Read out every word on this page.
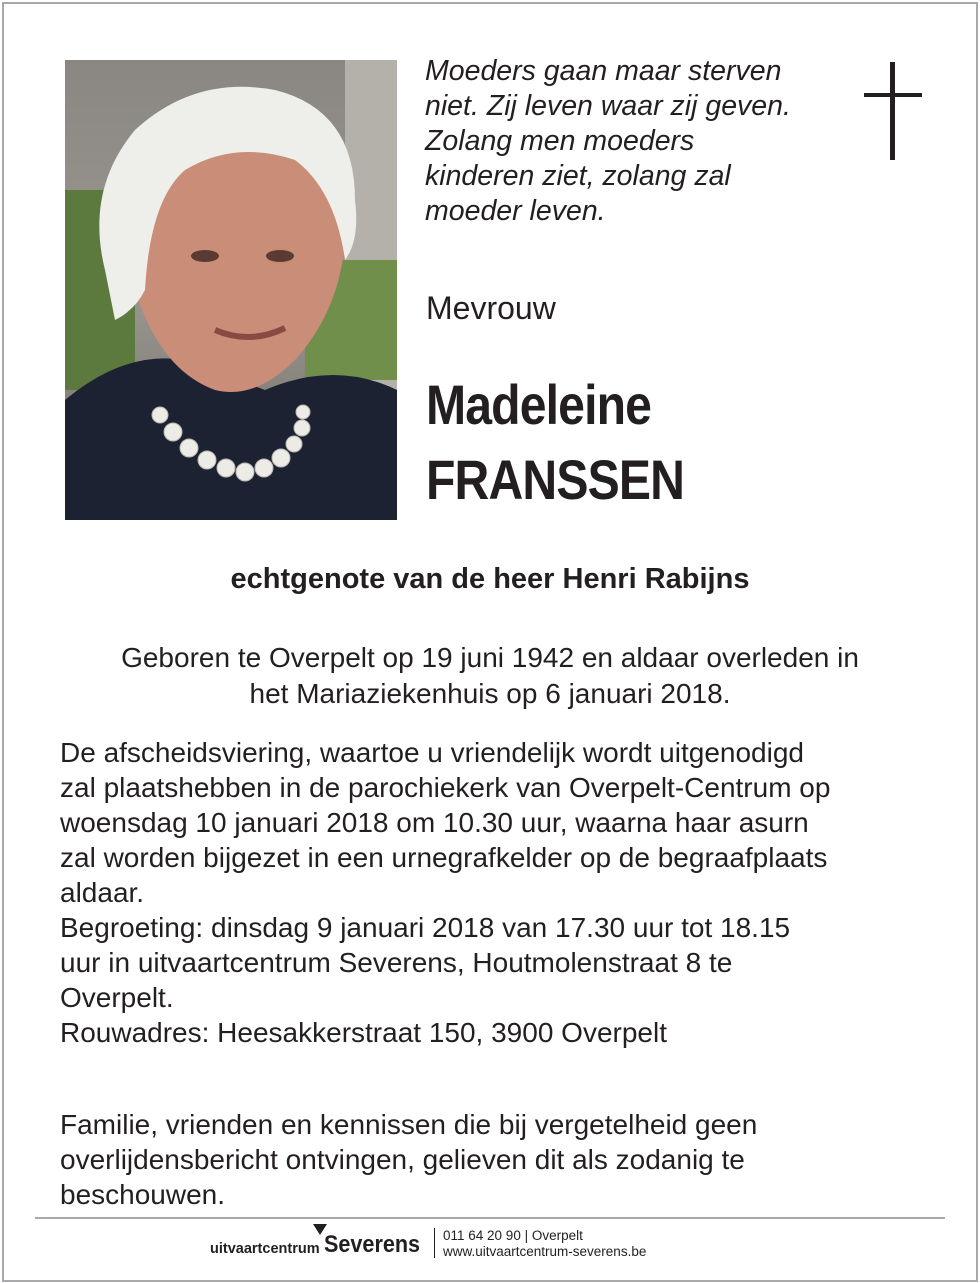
Moeders gaan maar sterven
niet. Zij leven waar zij geven.
Zolang men moeders
kinderen ziet, zolang zal
moeder leven.
Mevrouw
Madeleine
FRANSSEN
echtgenote van de heer Henri Rabijns
Geboren te Overpelt op 19 juni 1942 en aldaar overleden in
het Mariaziekenhuis op 6 januari 2018.
De afscheidsviering, waartoe u vriendelijk wordt uitgenodigd
zal plaatshebben in de parochiekerk van Overpelt-Centrum op
woensdag 10 januari 2018 om 10.30 uur, waarna haar asurn
zal worden bijgezet in een urnegrafkelder op de begraafplaats
aldaar.
Begroeting: dinsdag 9 januari 2018 van 17.30 uur tot 18.15
uur in uitvaartcentrum Severens, Houtmolenstraat 8 te
Overpelt.
Rouwadres: Heesakkerstraat 150, 3900 Overpelt
Familie, vrienden en kennissen die bij vergetelheid geen
overlijdensbericht ontvingen, gelieven dit als zodanig te
beschouwen.
uitvaartcentrum Severens 011 64 20 90 | Overpelt
www.uitvaartcentrum-severens.be
